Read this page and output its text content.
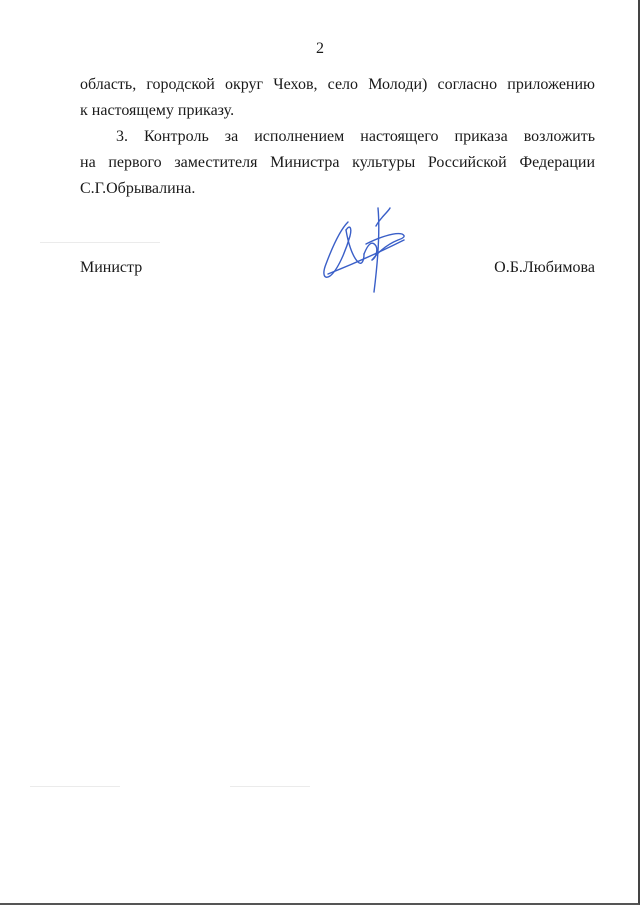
2
область, городской округ Чехов, село Молоди) согласно приложению
к настоящему приказу.
3. Контроль за исполнением настоящего приказа возложить
на первого заместителя Министра культуры Российской Федерации
С.Г.Обрывалина.
Министр	О.Б.Любимова
